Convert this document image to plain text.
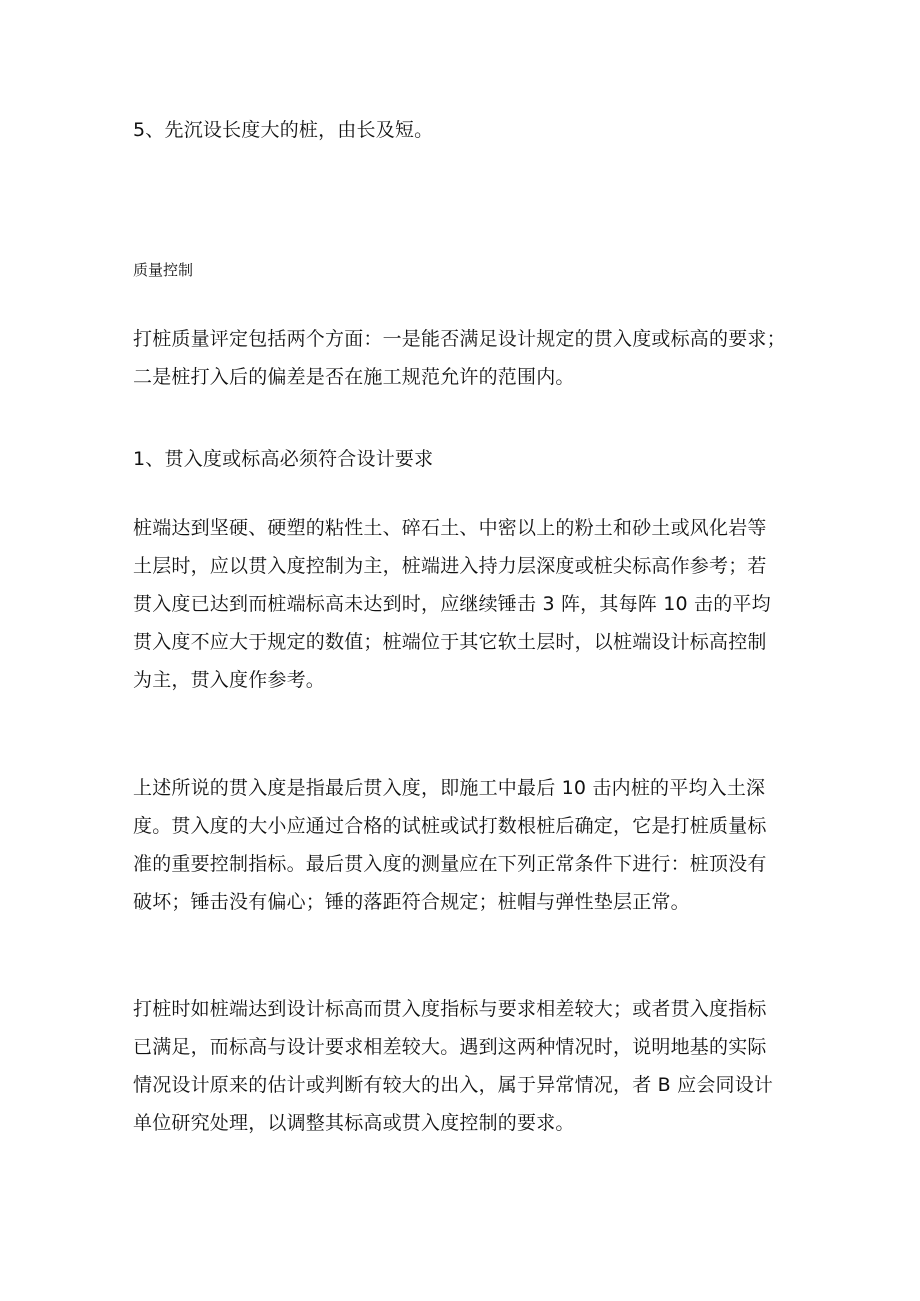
5、先沉设长度大的桩，由长及短。

质量控制

打桩质量评定包括两个方面：一是能否满足设计规定的贯入度或标高的要求；
二是桩打入后的偏差是否在施工规范允许的范围内。

1、贯入度或标高必须符合设计要求

桩端达到坚硬、硬塑的粘性土、碎石土、中密以上的粉土和砂土或风化岩等
土层时，应以贯入度控制为主，桩端进入持力层深度或桩尖标高作参考；若
贯入度已达到而桩端标高未达到时，应继续锤击 3 阵，其每阵 10 击的平均
贯入度不应大于规定的数值；桩端位于其它软土层时，以桩端设计标高控制
为主，贯入度作参考。

上述所说的贯入度是指最后贯入度，即施工中最后 10 击内桩的平均入土深
度。贯入度的大小应通过合格的试桩或试打数根桩后确定，它是打桩质量标
准的重要控制指标。最后贯入度的测量应在下列正常条件下进行：桩顶没有
破坏；锤击没有偏心；锤的落距符合规定；桩帽与弹性垫层正常。

打桩时如桩端达到设计标高而贯入度指标与要求相差较大；或者贯入度指标
已满足，而标高与设计要求相差较大。遇到这两种情况时，说明地基的实际
情况设计原来的估计或判断有较大的出入，属于异常情况，者 B 应会同设计
单位研究处理，以调整其标高或贯入度控制的要求。
